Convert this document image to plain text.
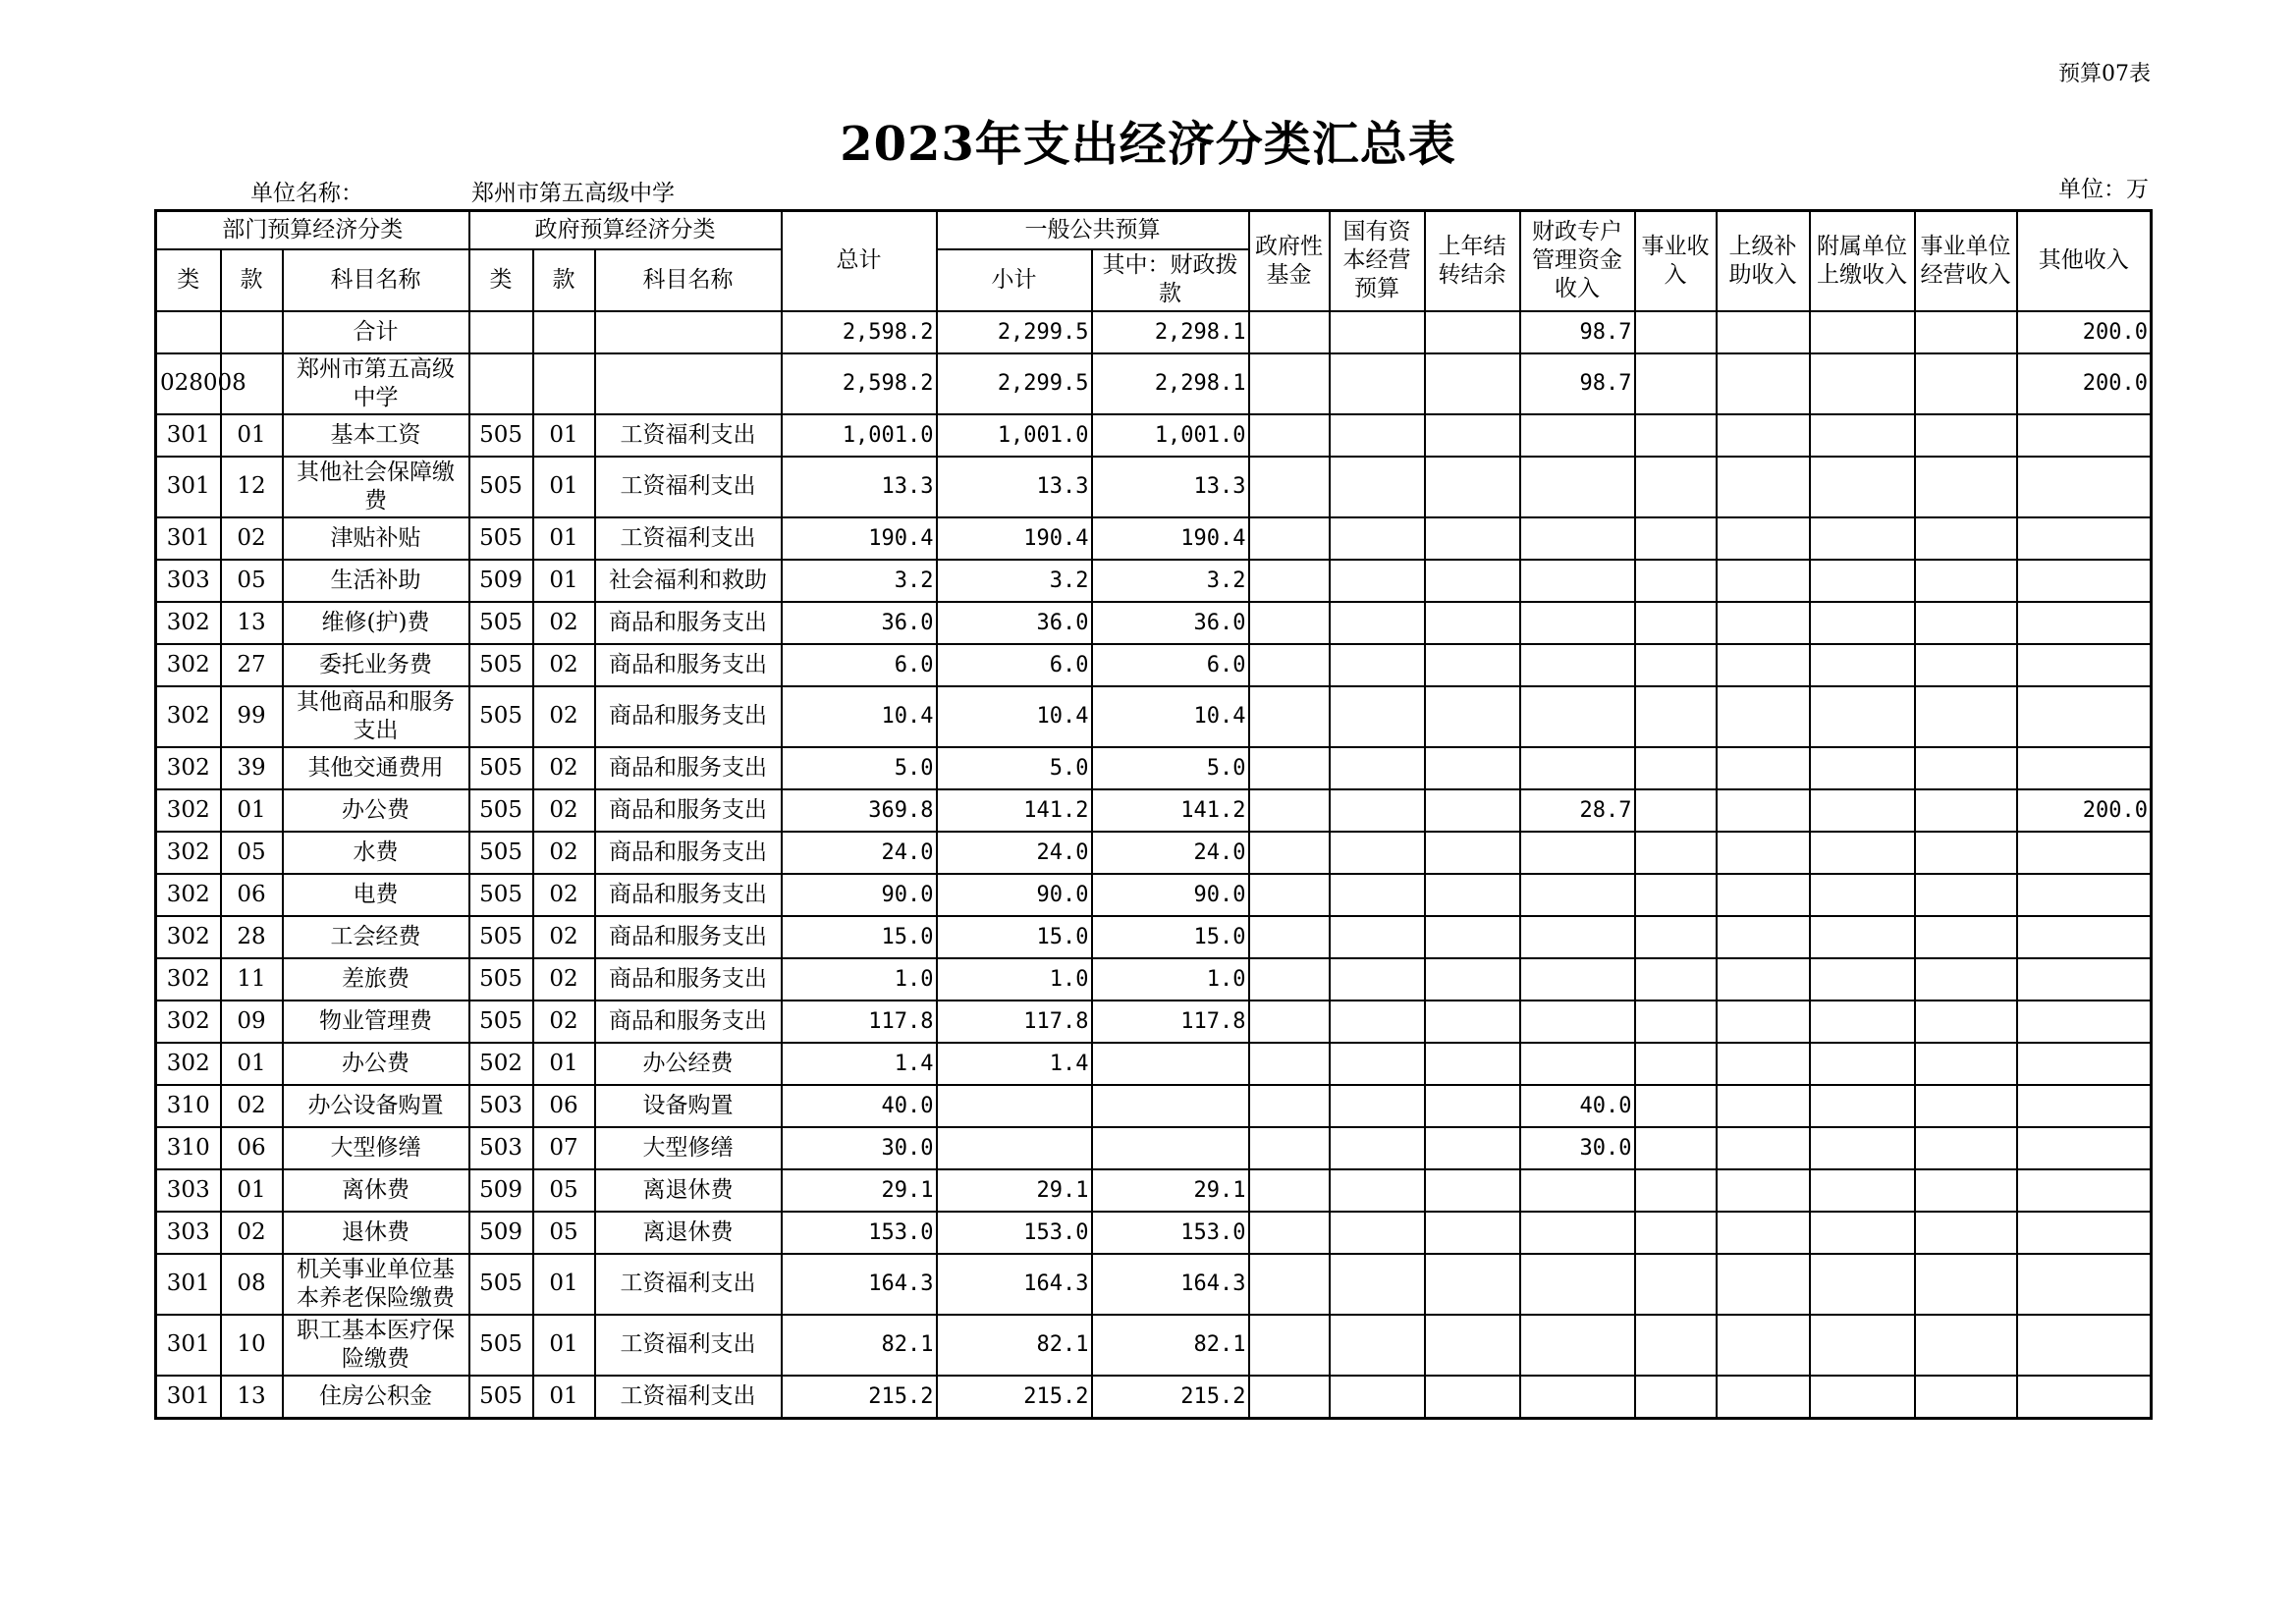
预算07表
2023年支出经济分类汇总表
单位名称：	郑州市第五高级中学	单位：万
部门预算经济分类			政府预算经济分类			总计	一般公共预算		政府性基金	国有资本经营预算	上年结转结余	财政专户管理资金收入	事业收入	上级补助收入	附属单位上缴收入	事业单位经营收入	其他收入
类	款	科目名称	类	款	科目名称		小计	其中：财政拨款									
		合计				2,598.2	2,299.5	2,298.1				98.7					200.0
028008		郑州市第五高级中学				2,598.2	2,299.5	2,298.1				98.7					200.0
301	01	基本工资	505	01	工资福利支出	1,001.0	1,001.0	1,001.0									
301	12	其他社会保障缴费	505	01	工资福利支出	13.3	13.3	13.3									
301	02	津贴补贴	505	01	工资福利支出	190.4	190.4	190.4									
303	05	生活补助	509	01	社会福利和救助	3.2	3.2	3.2									
302	13	维修(护)费	505	02	商品和服务支出	36.0	36.0	36.0									
302	27	委托业务费	505	02	商品和服务支出	6.0	6.0	6.0									
302	99	其他商品和服务支出	505	02	商品和服务支出	10.4	10.4	10.4									
302	39	其他交通费用	505	02	商品和服务支出	5.0	5.0	5.0									
302	01	办公费	505	02	商品和服务支出	369.8	141.2	141.2				28.7					200.0
302	05	水费	505	02	商品和服务支出	24.0	24.0	24.0									
302	06	电费	505	02	商品和服务支出	90.0	90.0	90.0									
302	28	工会经费	505	02	商品和服务支出	15.0	15.0	15.0									
302	11	差旅费	505	02	商品和服务支出	1.0	1.0	1.0									
302	09	物业管理费	505	02	商品和服务支出	117.8	117.8	117.8									
302	01	办公费	502	01	办公经费	1.4	1.4										
310	02	办公设备购置	503	06	设备购置	40.0						40.0					
310	06	大型修缮	503	07	大型修缮	30.0						30.0					
303	01	离休费	509	05	离退休费	29.1	29.1	29.1									
303	02	退休费	509	05	离退休费	153.0	153.0	153.0									
301	08	机关事业单位基本养老保险缴费	505	01	工资福利支出	164.3	164.3	164.3									
301	10	职工基本医疗保险缴费	505	01	工资福利支出	82.1	82.1	82.1									
301	13	住房公积金	505	01	工资福利支出	215.2	215.2	215.2									
